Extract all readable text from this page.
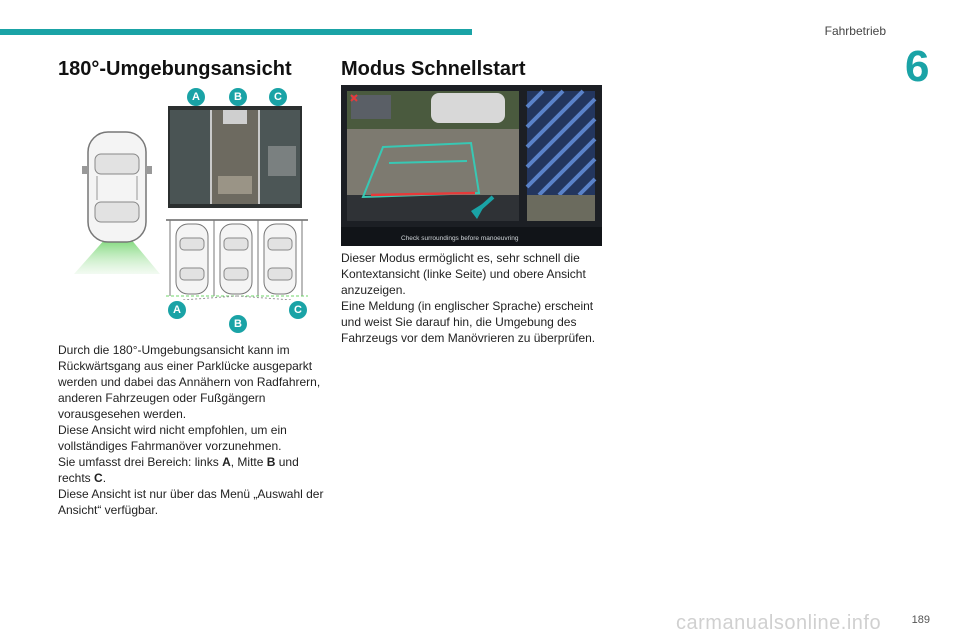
Fahrbetrieb
6
180°-Umgebungsansicht Modus Schnellstart
A	B	C
A
B
C
Check surroundings before manoeuvring

Durch die 180°-Umgebungsansicht kann im Rückwärtsgang aus einer Parklücke ausgeparkt werden und dabei das Annähern von Radfahrern, anderen Fahrzeugen oder Fußgängern vorausgesehen werden.

Diese Ansicht wird nicht empfohlen, um ein vollständiges Fahrmanöver vorzunehmen.

Sie umfasst drei Bereich: links A, Mitte B und rechts C.

Diese Ansicht ist nur über das Menü „Auswahl der Ansicht“ verfügbar.

Dieser Modus ermöglicht es, sehr schnell die Kontextansicht (linke Seite) und obere Ansicht anzuzeigen.

Eine Meldung (in englischer Sprache) erscheint und weist Sie darauf hin, die Umgebung des Fahrzeugs vor dem Manövrieren zu überprüfen.

carmanualsonline.info	189
